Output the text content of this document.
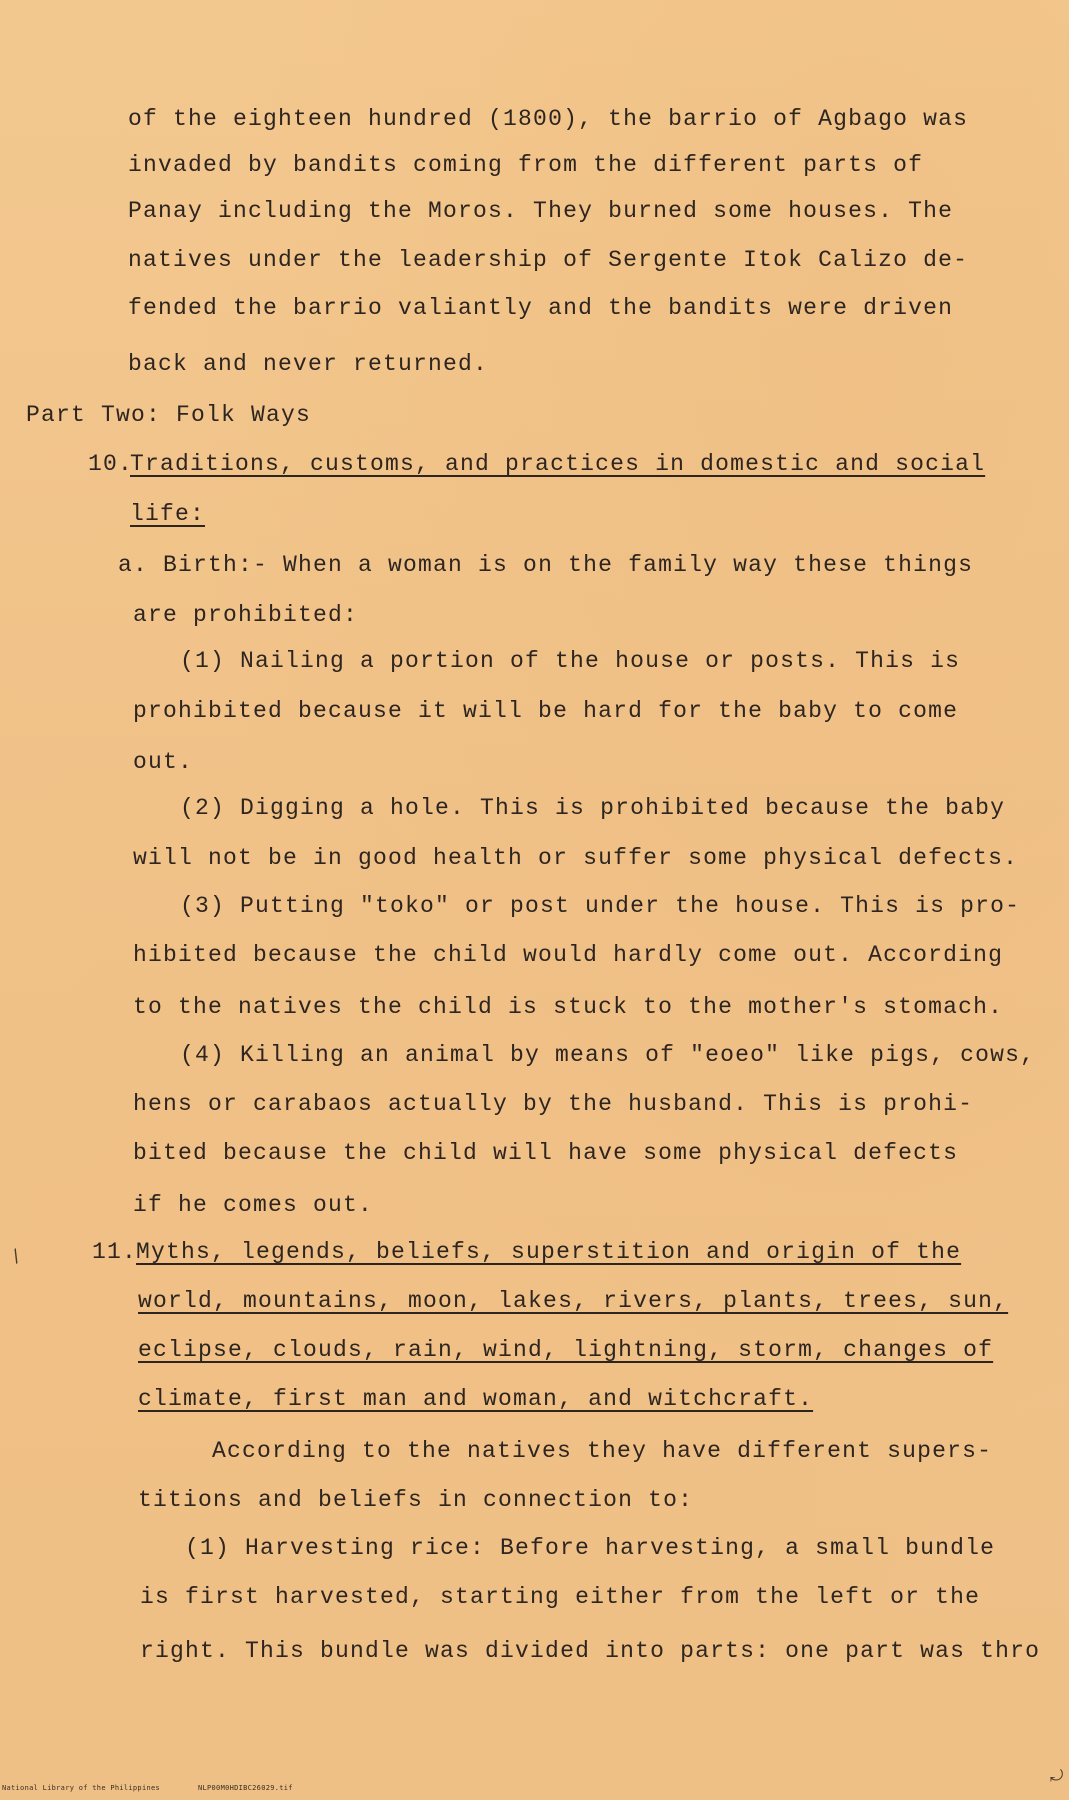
of the eighteen hundred (1800), the barrio of Agbago was
invaded by bandits coming from the different parts of
Panay including the Moros. They burned some houses. The
natives under the leadership of Sergente Itok Calizo de-
fended the barrio valiantly and the bandits were driven
back and never returned.
Part Two: Folk Ways
10.
Traditions, customs, and practices in domestic and social
life:
a. Birth:- When a woman is on the family way these things
are prohibited:
(1) Nailing a portion of the house or posts. This is
prohibited because it will be hard for the baby to come
out.
(2) Digging a hole. This is prohibited because the baby
will not be in good health or suffer some physical defects.
(3) Putting "toko" or post under the house. This is pro-
hibited because the child would hardly come out. According
to the natives the child is stuck to the mother's stomach.
(4) Killing an animal by means of "eoeo" like pigs, cows,
hens or carabaos actually by the husband. This is prohi-
bited because the child will have some physical defects
if he comes out.
11.
Myths, legends, beliefs, superstition and origin of the
world, mountains, moon, lakes, rivers, plants, trees, sun,
eclipse, clouds, rain, wind, lightning, storm, changes of
climate, first man and woman, and witchcraft.
According to the natives they have different supers-
titions and beliefs in connection to:
(1) Harvesting rice: Before harvesting, a small bundle
is first harvested, starting either from the left or the
right. This bundle was divided into parts: one part was thro
/
⤾
National Library of the Philippines	NLP00M0HDIBC26029.tif
